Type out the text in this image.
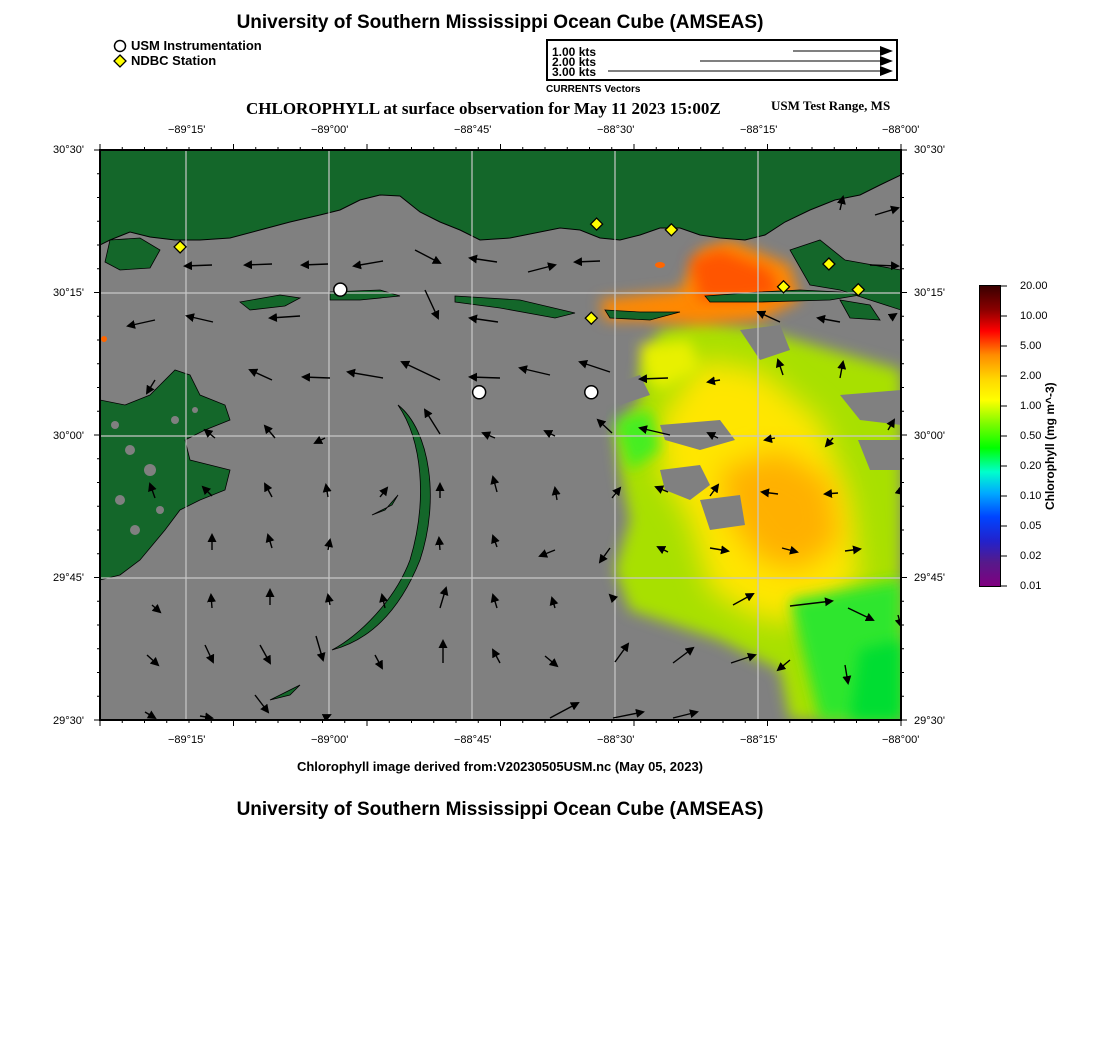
University of Southern Mississippi Ocean Cube (AMSEAS)
USM Instrumentation
NDBC Station
1.00 kts
2.00 kts
3.00 kts
CURRENTS Vectors
CHLOROPHYLL at surface observation for May 11 2023 15:00Z	USM Test Range, MS
−89°15'	−89°00'	−88°45'	−88°30'	−88°15'	−88°00'
−89°15'	−89°00'	−88°45'	−88°30'	−88°15'	−88°00'
30°30'
30°15'
30°00'
29°45'
29°30'
30°30'
30°15'
30°00'
29°45'
29°30'
20.00
10.00
5.00
2.00
1.00
0.50
0.20
0.10
0.05
0.02
0.01
Chlorophyll (mg m^-3)
Chlorophyll image derived from:V20230505USM.nc (May 05, 2023)
University of Southern Mississippi Ocean Cube (AMSEAS)
